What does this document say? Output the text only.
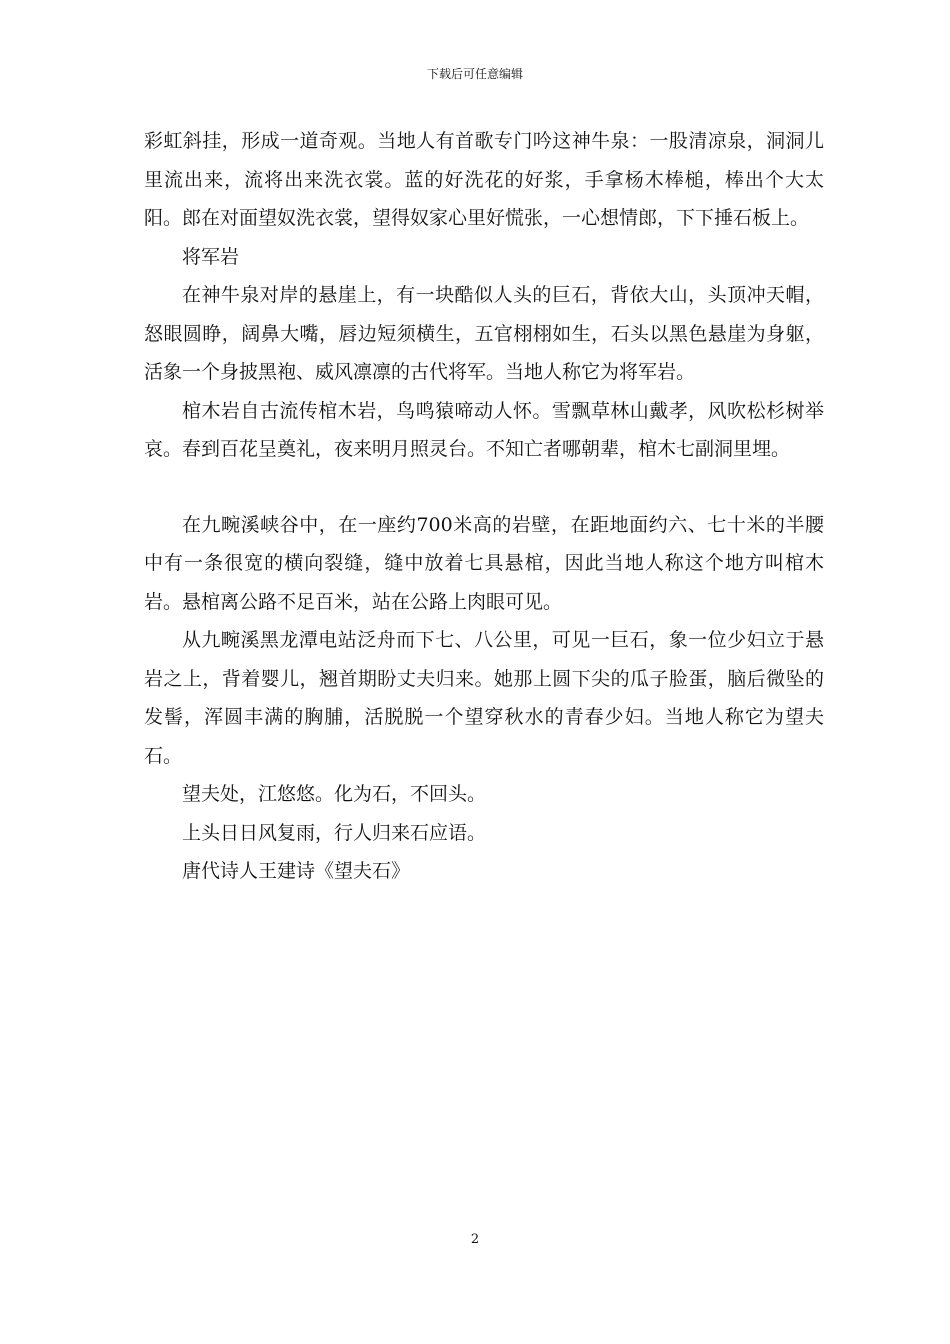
下载后可任意编辑

彩虹斜挂，形成一道奇观。当地人有首歌专门吟这神牛泉：一股清凉泉，洞洞儿里流出来，流将出来洗衣裳。蓝的好洗花的好浆，手拿杨木棒槌，棒出个大太阳。郎在对面望奴洗衣裳，望得奴家心里好慌张，一心想情郎，下下捶石板上。

将军岩

在神牛泉对岸的悬崖上，有一块酷似人头的巨石，背依大山，头顶冲天帽，怒眼圆睁，阔鼻大嘴，唇边短须横生，五官栩栩如生，石头以黑色悬崖为身躯，活象一个身披黑袍、威风凛凛的古代将军。当地人称它为将军岩。

棺木岩自古流传棺木岩，鸟鸣猿啼动人怀。雪飘草林山戴孝，风吹松杉树举哀。春到百花呈奠礼，夜来明月照灵台。不知亡者哪朝辈，棺木七副洞里埋。

在九畹溪峡谷中，在一座约700米高的岩壁，在距地面约六、七十米的半腰中有一条很宽的横向裂缝，缝中放着七具悬棺，因此当地人称这个地方叫棺木岩。悬棺离公路不足百米，站在公路上肉眼可见。

从九畹溪黑龙潭电站泛舟而下七、八公里，可见一巨石，象一位少妇立于悬岩之上，背着婴儿，翘首期盼丈夫归来。她那上圆下尖的瓜子脸蛋，脑后微坠的发髻，浑圆丰满的胸脯，活脱脱一个望穿秋水的青春少妇。当地人称它为望夫石。

望夫处，江悠悠。化为石，不回头。

上头日日风复雨，行人归来石应语。

唐代诗人王建诗《望夫石》

2
